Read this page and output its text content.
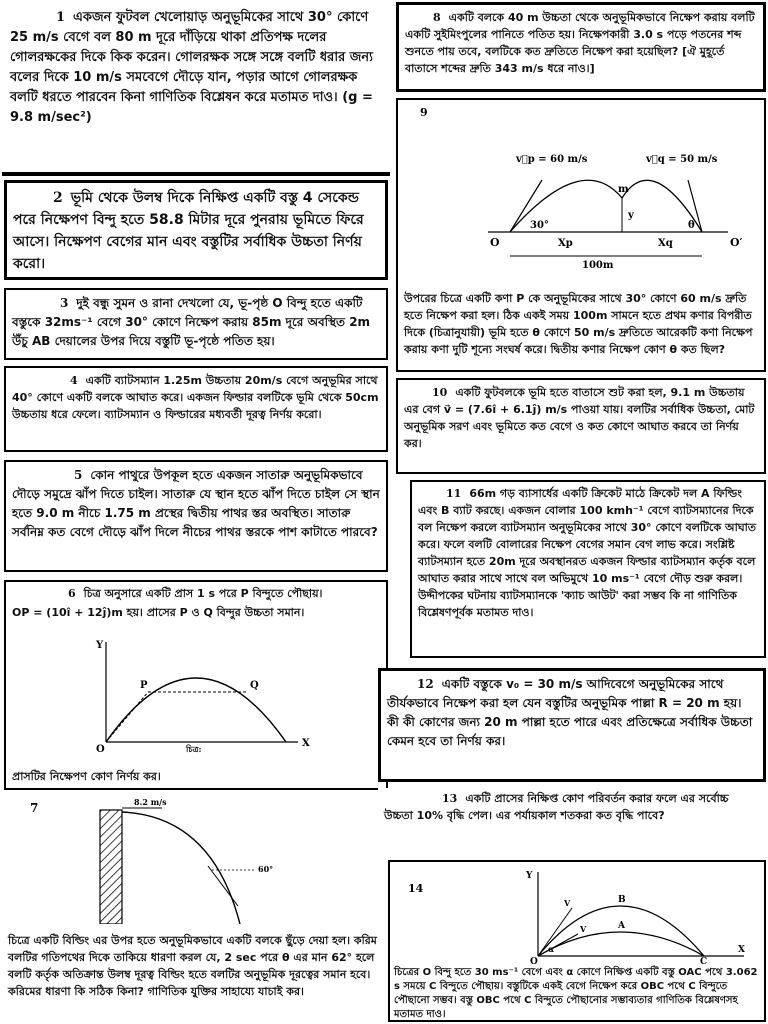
1 একজন ফুটবল খেলোয়াড় অনুভূমিকের সাথে 30° কোণে 25 m/s বেগে বল 80 m দূরে দাঁড়িয়ে থাকা প্রতিপক্ষ দলের গোলরক্ষকের দিকে কিক করেন। গোলরক্ষক সঙ্গে সঙ্গে বলটি ধরার জন্য বলের দিকে 10 m/s সমবেগে দৌড়ে যান, পড়ার আগে গোলরক্ষক বলটি ধরতে পারবেন কিনা গাণিতিক বিশ্লেষন করে মতামত দাও। (g = 9.8 m/sec²)
2 ভূমি থেকে উলম্ব দিকে নিক্ষিপ্ত একটি বস্তু 4 সেকেন্ড পরে নিক্ষেপণ বিন্দু হতে 58.8 মিটার দূরে পুনরায় ভূমিতে ফিরে আসে। নিক্ষেপণ বেগের মান এবং বস্তুটির সর্বাধিক উচ্চতা নির্ণয় করো।
3 দুই বন্ধু সুমন ও রানা দেখলো যে, ভূ-পৃষ্ঠ O বিন্দু হতে একটি বস্তুকে 32ms⁻¹ বেগে 30° কোণে নিক্ষেপ করায় 85m দূরে অবস্থিত 2m উঁচু AB দেয়ালের উপর দিয়ে বস্তুটি ভূ-পৃষ্ঠে পতিত হয়।
4 একটি ব্যাটসম্যান 1.25m উচ্চতায় 20m/s বেগে অনুভূমির সাথে 40° কোণে একটি বলকে আঘাত করে। একজন ফিল্ডার বলটিকে ভূমি থেকে 50cm উচ্চতায় ধরে ফেলে। ব্যাটসম্যান ও ফিল্ডারের মধ্যবর্তী দূরত্ব নির্ণয় করো।
5 কোন পাথুরে উপকূল হতে একজন সাতারু অনুভূমিকভাবে দৌড়ে সমুদ্রে ঝাঁপ দিতে চাইল। সাতারু যে স্থান হতে ঝাঁপ দিতে চাইল সে স্থান হতে 9.0 m নীচে 1.75 m প্রস্থের দ্বিতীয় পাথর স্তর অবস্থিত। সাতারু সর্বনিম্ন কত বেগে দৌড়ে ঝাঁপ দিলে নীচের পাথর স্তরকে পাশ কাটাতে পারবে?
6 চিত্র অনুসারে একটি প্রাস 1 s পরে P বিন্দুতে পৌছায়।
OP = (10î + 12ĵ)m হয়। প্রাসের P ও Q বিন্দুর উচ্চতা সমান।
Y
X
O
P	Q
চিত্র:
প্রাসটির নিক্ষেপণ কোণ নির্ণয় কর।
7	8.2 m/s
60°
চিত্রে একটি বিল্ডিং এর উপর হতে অনুভূমিকভাবে একটি বলকে ছুঁড়ে দেয়া হল। করিম বলটির গতিপথের দিকে তাকিয়ে ধারণা করল যে, 2 sec পরে θ এর মান 62° হলে বলটি কর্তৃক অতিক্রান্ত উলম্ব দূরত্ব বিল্ডিং হতে বলটির অনুভূমিক দূরত্বের সমান হবে। করিমের ধারণা কি সঠিক কিনা? গাণিতিক যুক্তির সাহায্যে যাচাই কর।
8 একটি বলকে 40 m উচ্চতা থেকে অনুভূমিকভাবে নিক্ষেপ করায় বলটি একটি সুইমিংপুলের পানিতে পতিত হয়। নিক্ষেপকারী 3.0 s পড়ে পতনের শব্দ শুনতে পায় তবে, বলটিকে কত দ্রুতিতে নিক্ষেপ করা হয়েছিল? [ঐ মুহূর্তে বাতাসে শব্দের দ্রুতি 343 m/s ধরে নাও।]
9
v⃗p = 60 m/s	v⃗q = 50 m/s
m
y
30°	θ
O	O′
Xp	Xq
100m
উপরের চিত্রে একটি কণা P কে অনুভূমিকের সাথে 30° কোণে 60 m/s দ্রুতি হতে নিক্ষেপ করা হল। ঠিক একই সময় 100m সামনে হতে প্রথম কণার বিপরীত দিকে (চিত্রানুযায়ী) ভূমি হতে θ কোণে 50 m/s দ্রুতিতে আরেকটি কণা নিক্ষেপ করায় কণা দুটি শূন্যে সংঘর্ষ করে। দ্বিতীয় কণার নিক্ষেপ কোণ θ কত ছিল?
10 একটি ফুটবলকে ভূমি হতে বাতাসে শুট করা হল, 9.1 m উচ্চতায় এর বেগ v⃗ = (7.6î + 6.1ĵ) m/s পাওয়া যায়। বলটির সর্বাধিক উচ্চতা, মোট অনুভূমিক সরণ এবং ভূমিতে কত বেগে ও কত কোণে আঘাত করবে তা নির্ণয় কর।
11 66m গড় ব্যাসার্ধের একটি ক্রিকেট মাঠে ক্রিকেট দল A ফিল্ডিং এবং B ব্যাট করছে। একজন বোলার 100 kmh⁻¹ বেগে ব্যাটসম্যানের দিকে বল নিক্ষেপ করলে ব্যাটসম্যান অনুভূমিকের সাথে 30° কোণে বলটিকে আঘাত করে। ফলে বলটি বোলারের নিক্ষেপ বেগের সমান বেগ লাভ করে। সংশ্লিষ্ট ব্যাটসম্যান হতে 20m দূরে অবস্থানরত একজন ফিল্ডার ব্যাটসম্যান কর্তৃক বলে আঘাত করার সাথে সাথে বল অভিমুখে 10 ms⁻¹ বেগে দৌড় শুরু করল। উদ্দীপকের ঘটনায় ব্যাটসম্যানকে 'ক্যাচ আউট' করা সম্ভব কি না গাণিতিক বিশ্লেষণপূর্বক মতামত দাও।
12 একটি বস্তুকে v₀ = 30 m/s আদিবেগে অনুভূমিকের সাথে তীর্যকভাবে নিক্ষেপ করা হল যেন বস্তুটির অনুভূমিক পাল্লা R = 20 m হয়। কী কী কোণের জন্য 20 m পাল্লা হতে পারে এবং প্রতিক্ষেত্রে সর্বাধিক উচ্চতা কেমন হবে তা নির্ণয় কর।
13 একটি প্রাসের নিক্ষিপ্ত কোণ পরিবর্তন করার ফলে এর সর্বোচ্চ উচ্চতা 10% বৃদ্ধি পেল। এর পর্যায়কাল শতকরা কত বৃদ্ধি পাবে?
14
Y
X
O
B
A
C
V
V
α
চিত্রের O বিন্দু হতে 30 ms⁻¹ বেগে এবং α কোণে নিক্ষিপ্ত একটি বস্তু OAC পথে 3.062 s সময়ে C বিন্দুতে পৌছায়। বস্তুটিকে একই বেগে নিক্ষেপ করে OBC পথে C বিন্দুতে পৌছানো সম্ভব। বস্তু OBC পথে C বিন্দুতে পৌছানোর সম্ভাব্যতার গাণিতিক বিশ্লেষণসহ মতামত দাও।
